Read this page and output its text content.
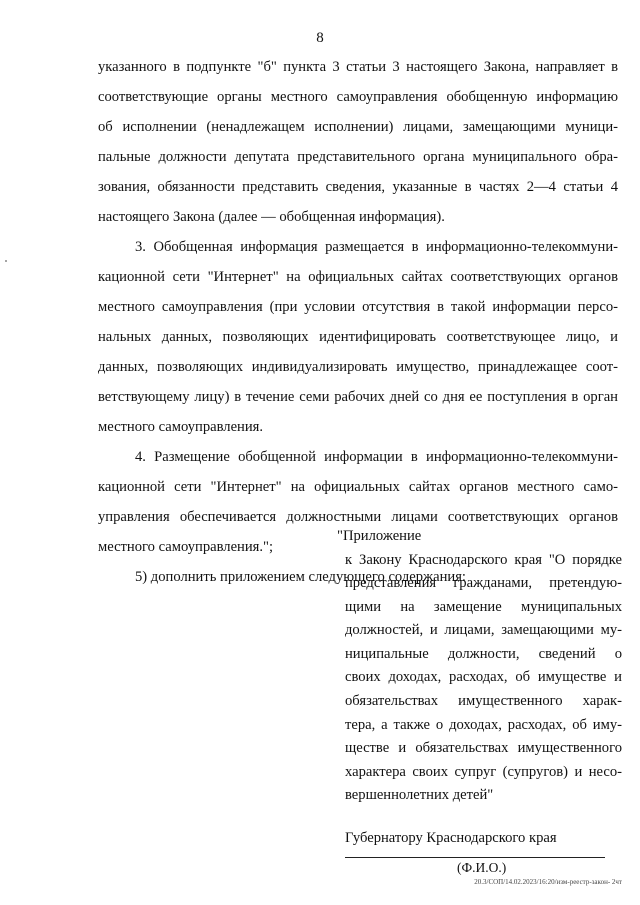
8
указанного в подпункте "б" пункта 3 статьи 3 настоящего Закона, направляет в
соответствующие органы местного самоуправления обобщенную информацию
об исполнении (ненадлежащем исполнении) лицами, замещающими муници-
пальные должности депутата представительного органа муниципального обра-
зования, обязанности представить сведения, указанные в частях 2—4 статьи 4
настоящего Закона (далее — обобщенная информация).
3. Обобщенная информация размещается в информационно-телекоммуни-
кационной сети "Интернет" на официальных сайтах соответствующих органов
местного самоуправления (при условии отсутствия в такой информации персо-
нальных данных, позволяющих идентифицировать соответствующее лицо, и
данных, позволяющих индивидуализировать имущество, принадлежащее соот-
ветствующему лицу) в течение семи рабочих дней со дня ее поступления в орган
местного самоуправления.
4. Размещение обобщенной информации в информационно-телекоммуни-
кационной сети "Интернет" на официальных сайтах органов местного само-
управления обеспечивается должностными лицами соответствующих органов
местного самоуправления.";
5) дополнить приложением следующего содержания:
"Приложение
к Закону Краснодарского края "О порядке
представления гражданами, претендую-
щими на замещение муниципальных
должностей, и лицами, замещающими му-
ниципальные должности, сведений о
своих доходах, расходах, об имуществе и
обязательствах имущественного харак-
тера, а также о доходах, расходах, об иму-
ществе и обязательствах имущественного
характера своих супруг (супругов) и несо-
вершеннолетних детей"
Губернатору Краснодарского края
(Ф.И.О.)
20.3/СОП/14.02.2023/16:20/изм-реестр-закон- 2чт
